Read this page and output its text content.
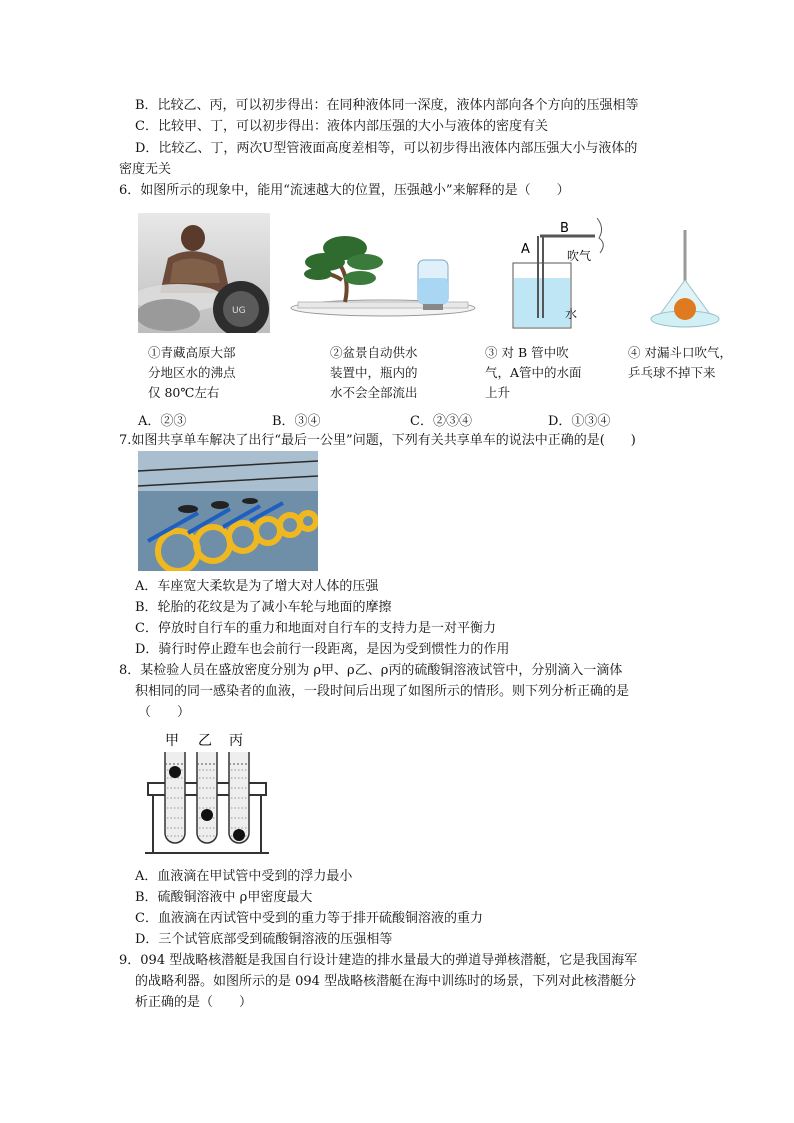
B．比较乙、丙，可以初步得出：在同种液体同一深度，液体内部向各个方向的压强相等
C．比较甲、丁，可以初步得出：液体内部压强的大小与液体的密度有关
D．比较乙、丁，两次U型管液面高度差相等，可以初步得出液体内部压强大小与液体的
密度无关
6．如图所示的现象中，能用“流速越大的位置，压强越小”来解释的是（　　）
UG
A
B
吹气
水
①青藏高原大部
分地区水的沸点
仅 80℃左右
②盆景自动供水
装置中，瓶内的
水不会全部流出
③ 对 B 管中吹
气，A管中的水面
上升
④ 对漏斗口吹气，
乒乓球不掉下来
A．②③	B．③④	C．②③④	D．①③④
7.如图共享单车解决了出行“最后一公里”问题，下列有关共享单车的说法中正确的是(　　)
A．车座宽大柔软是为了增大对人体的压强
B．轮胎的花纹是为了减小车轮与地面的摩擦
C．停放时自行车的重力和地面对自行车的支持力是一对平衡力
D．骑行时停止蹬车也会前行一段距离，是因为受到惯性力的作用
8．某检验人员在盛放密度分别为 ρ甲、ρ乙、ρ丙的硫酸铜溶液试管中，分别滴入一滴体
积相同的同一感染者的血液，一段时间后出现了如图所示的情形。则下列分析正确的是
（　　）
甲 乙 丙
A．血液滴在甲试管中受到的浮力最小
B．硫酸铜溶液中 ρ甲密度最大
C．血液滴在丙试管中受到的重力等于排开硫酸铜溶液的重力
D．三个试管底部受到硫酸铜溶液的压强相等
9．094 型战略核潜艇是我国自行设计建造的排水量最大的弹道导弹核潜艇，它是我国海军
的战略利器。如图所示的是 094 型战略核潜艇在海中训练时的场景，下列对此核潜艇分
析正确的是（　　）
